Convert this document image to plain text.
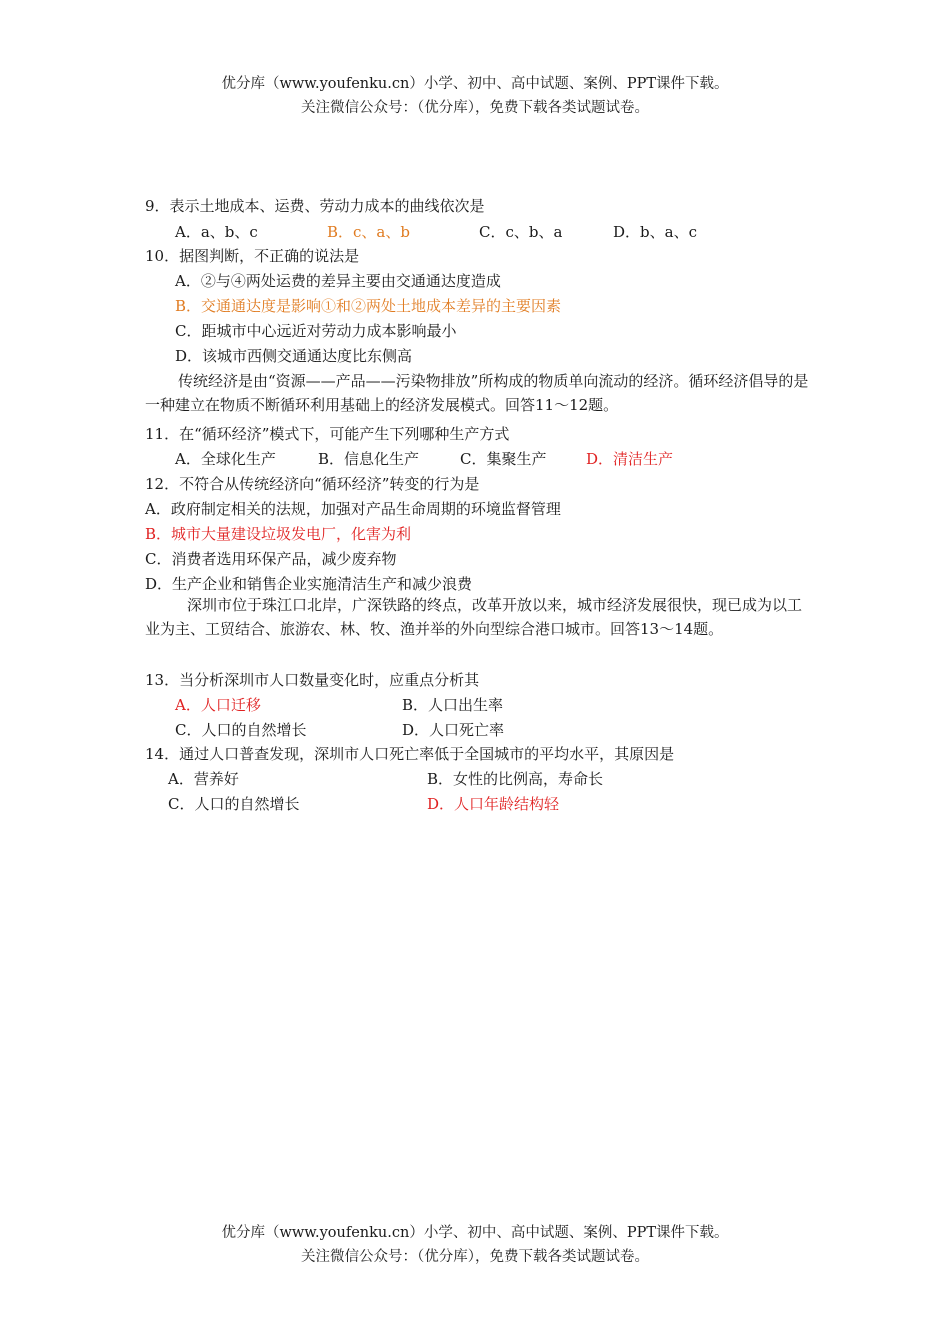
优分库（www.youfenku.cn）小学、初中、高中试题、案例、PPT课件下载。
关注微信公众号：（优分库），免费下载各类试题试卷。
9．表示土地成本、运费、劳动力成本的曲线依次是
A．a、b、c	B．c、a、b	C．c、b、a	D．b、a、c
10．据图判断，不正确的说法是
A．②与④两处运费的差异主要由交通通达度造成
B．交通通达度是影响①和②两处土地成本差异的主要因素
C．距城市中心远近对劳动力成本影响最小
D．该城市西侧交通通达度比东侧高
传统经济是由“资源——产品——污染物排放”所构成的物质单向流动的经济。循环经济倡导的是一种建立在物质不断循环利用基础上的经济发展模式。回答11～12题。
11．在“循环经济”模式下，可能产生下列哪种生产方式
A．全球化生产	B．信息化生产	C．集聚生产	D．清洁生产
12．不符合从传统经济向“循环经济”转变的行为是
A．政府制定相关的法规，加强对产品生命周期的环境监督管理
B．城市大量建设垃圾发电厂，化害为利
C．消费者选用环保产品，减少废弃物
D．生产企业和销售企业实施清洁生产和减少浪费
深圳市位于珠江口北岸，广深铁路的终点，改革开放以来，城市经济发展很快，现已成为以工业为主、工贸结合、旅游农、林、牧、渔并举的外向型综合港口城市。回答13～14题。
13．当分析深圳市人口数量变化时，应重点分析其
A．人口迁移	B．人口出生率
C．人口的自然增长	D．人口死亡率
14．通过人口普查发现，深圳市人口死亡率低于全国城市的平均水平，其原因是
A．营养好	B．女性的比例高，寿命长
C．人口的自然增长	D．人口年龄结构轻
优分库（www.youfenku.cn）小学、初中、高中试题、案例、PPT课件下载。
关注微信公众号：（优分库），免费下载各类试题试卷。
